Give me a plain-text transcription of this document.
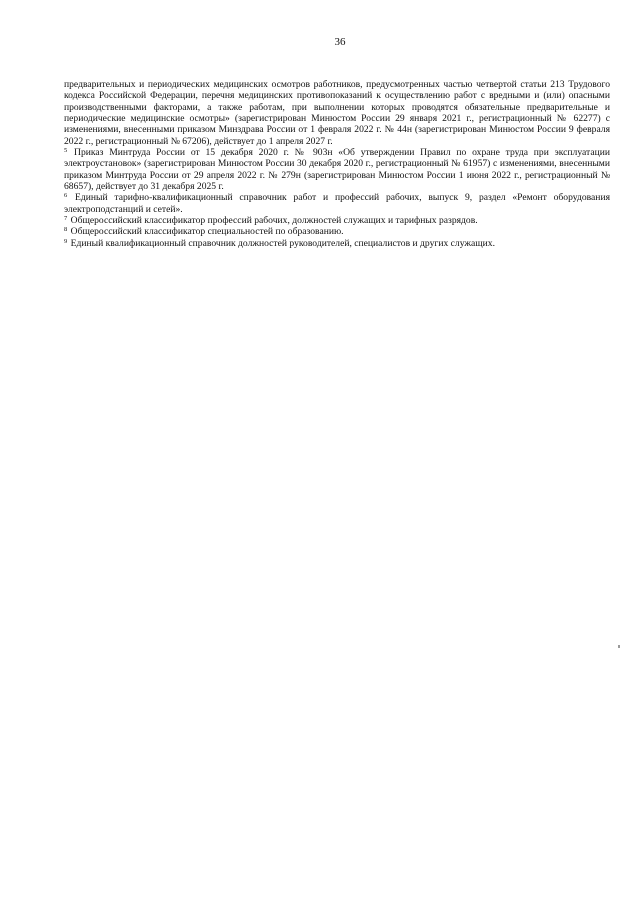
36

предварительных и периодических медицинских осмотров работников, предусмотренных частью четвертой статьи 213 Трудового кодекса Российской Федерации, перечня медицинских противопоказаний к осуществлению работ с вредными и (или) опасными производственными факторами, а также работам, при выполнении которых проводятся обязательные предварительные и периодические медицинские осмотры» (зарегистрирован Минюстом России 29 января 2021 г., регистрационный № 62277) с изменениями, внесенными приказом Минздрава России от 1 февраля 2022 г. № 44н (зарегистрирован Минюстом России 9 февраля 2022 г., регистрационный № 67206), действует до 1 апреля 2027 г.

$^5$ Приказ Минтруда России от 15 декабря 2020 г. № 903н «Об утверждении Правил по охране труда при эксплуатации электроустановок» (зарегистрирован Минюстом России 30 декабря 2020 г., регистрационный № 61957) с изменениями, внесенными приказом Минтруда России от 29 апреля 2022 г. № 279н (зарегистрирован Минюстом России 1 июня 2022 г., регистрационный № 68657), действует до 31 декабря 2025 г.

$^6$ Единый тарифно-квалификационный справочник работ и профессий рабочих, выпуск 9, раздел «Ремонт оборудования электроподстанций и сетей».

$^7$ Общероссийский классификатор профессий рабочих, должностей служащих и тарифных разрядов.

$^8$ Общероссийский классификатор специальностей по образованию.

$^9$ Единый квалификационный справочник должностей руководителей, специалистов и других служащих.
